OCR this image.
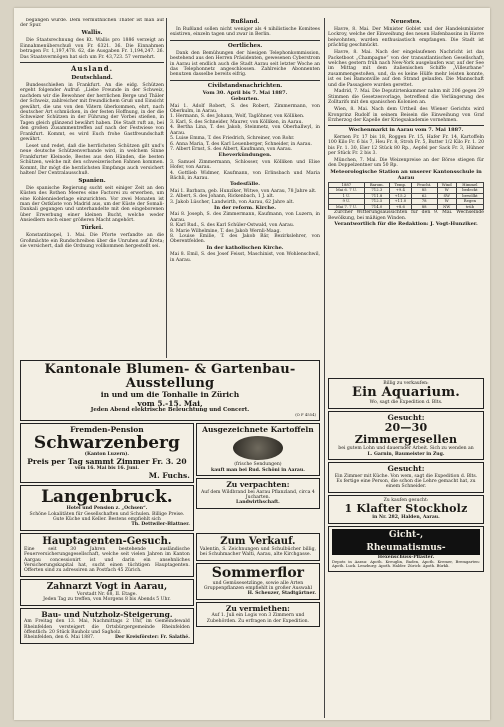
begangen wurde. Dem vermuthlichen Thäter ist man auf der Spur.

Wallis.

Die Staatsrechnung des Kt. Wallis pro 1886 verzeigt an Einnahmenüberschuß von Fr. 6321. 36. Die Einnahmen betragen Fr. 1,197,478. 62, die Ausgaben Fr. 1,194,247. 26. Das Staatsvermögen hat sich um Fr. 43,723. 57 vermehrt.

Ausland.
Deutschland.

Bundesschießen in Frankfurt. An die eidg. Schützen ergeht folgender Aufruf: „Liebe Freunde in der Schweiz, nachdem wir die Bewohner der herrlichen Berge und Thäler der Schweiz, zahlreicher mit freundlichem Gruß und Einsicht gewährt, die uns von den Vätern überkommen, ehrt, nach deutscher Art schmücken, in der festen Hoffnung, in der die Schweizer Schützen in der Führung der Vorbei stießen, in Tagen gleich glänzend bewährt haben. Die Stadt ruft an, bei den großen Zusammentreffen auf nach der Festwiese von Frankfurt. Kommt, es wird Euch frohe Gastfreundschaft gewährt.

Leset und redet, daß die herrlichsten Schützen gilt und's neue deutsche Schützenverbande wird, in welchem Sinne Frankfurter Kleinode, Bestes aus den Händen, die besten Schützen, welche mit den schweizerischen Fahnen kommen. Kommt, Ihr mögt die herzlichsten Empfangs auch versichert halten! Der Centralausschuß.

Spanien.

Die spanische Regierung sucht seit einiger Zeit an den Küsten des Rothen Meeres eine Factorei zu erwerben, um eine Kohlenniederlage einzurichten. Vor zwei Monaten ist man der Ostküste von Madrid aus, um der Küste der Somali-Dankali gegangen und unterhandelte mit den eingeborenen über Erwerbung einer kleinen Bucht, welche weder Ansiedlern noch einer größeren Macht angehört.

Türkei.

Konstantinopel, 1. Mai. Die Pforte verfandte an die Großmächte ein Rundschreiben über die Unruhen auf Kreta; sie versichert, daß die Ordnung vollkommen hergestellt sei.

Rußland.

In Rußland sollen nicht weniger als 4 nihilistische Komitees existiren, einzeln tagen und zwar in Berlin.

Oertliches.

Dank den Bemühungen der hiesigen Telephonkommission, bestehend aus den Herren Präsidenten, gewesenen Cyberstrom in Aarau ist endlich auch die Stadt Aarau seit letzter Woche an das Telephonnetz angeschlossen. Zahlreiche Abonnenten benutzen dasselbe bereits eifrig.

Civilstandsnachrichten.
Vom 30. April bis 7. Mai 1887.
Geburten.
Mai 1. Adolf Robert, S. des Robert, Zimmermann, von Oberkulm, in Aarau.
1. Hermann, S. des Johann, Wolf, Taglöhner, von Kölliken.
3. Karl, S. des Schneider, Maurer, von Kölliken, in Aarau.
4. Bertha Lina, T. des Jakob, Steinmetz, von Oberhallwyl, in Aarau.
5. Luise Emma, T. des Friedrich, Schreiner, von Rohr.
6. Anna Maria, T. des Karl Leuenberger, Schneider, in Aarau.
7. Albert Ernst, S. des Albert, Kaufmann, von Aarau.
Eheverkündungen.
3. Samuel Zimmermann, Schlosser, von Kölliken und Elise Hofer, von Aarau.
4. Gottlieb Widmer, Kaufmann, von Erlinsbach und Maria Bächli, in Aarau.
Todesfälle.
Mai 1. Barbara, geb. Hunziker, Witwe, von Aarau, 78 Jahre alt.
2. Albert, S. des Johann, Rickenbach, 1 J. alt.
3. Jakob Lüscher, Landwirth, von Aarau, 62 Jahre alt.
In der reform. Kirche.
Mai 8. Joseph, S. des Zimmermann, Kaufmann, von Luzern, in Aarau.
8. Karl Rud., S. des Karl Schüler-Ostwald, von Aarau.
8. Marie Wilhelmine, T. des Jakob Wernli-Maag.
8. Louise Emilie, T. des Jakob Bär, Bezirkslehrer, von Oberentfelden.
In der katholischen Kirche.
Mai 8. Emil, S. des Josef Feisst, Maschinist, von Wohlenschwil, in Aarau.
Neuestes.

Havre, 8. Mai. Der Minister Goblet und der Handelsminister Lockroy, welche der Einweihung des neuen Hafenbassins in Havre beiwohnten, wurden enthusiastisch empfangen. Die Stadt ist prächtig geschmückt.

Havre, 8. Mai. Nach der eingelaufenen Nachricht ist das Packetboot „Champagne“ von der transatlantischen Gesellschaft, welches gestern früh nach New-York ausgelaufen war, auf der See im Mittag mit dem italienischen Schiffe „Villeurbane“ zusammengestoßen, und, da es keine Hülfe mehr leisten konnte, ist es bei Bamonville auf den Strand gelaufen. Die Mannschaft und die Passagiere wurden gerettet.

Madrid, 7. Mai. Die Deputirtenkammer nahm mit 206 gegen 29 Stimmen die Gesetzesvorlage, betreffend die Verlängerung des Zolltarifs mit den spanischen Kolonien an.

Wien, 8. Mai. Nach dem Urtheil des Wiener Gerichts wird Kronprinz Rudolf in seinem Beisein die Einweihung von Graf Erzherzog der Kapelle der Kriegsakademie vornehmen.

Wochenmarkt in Aarau vom 7. Mai 1887.

Kernen Fr. 17 bis 18, Roggen Fr. 15, Hafer Fr. 14, Kartoffeln 100 Kilo Fr. 6 bis 7, Heu Fr. 8, Stroh Fr. 5, Butter 1/2 Kilo Fr. 1. 20 bis Fr. 1. 30, Eier 12 Stück 80 Rp., Aepfel per Sack Fr. 3, Hühner per Stück Fr. 2 bis 3.

München, 7. Mai. Die Weizenpreise an der Börse stiegen für den Doppelzentner um 50 Rp.

Meteorologische Station an unserer Kantonsschule in Aarau
1887	Barom.	Temp.	Feucht.	Wind	Himmel
Mai 6. 7 U.	712.3	+9.4	85	W	bedeckt
1 U.	711.8	+15.2	62	SW	bewölkt
9 U.	712.5	+11.0	78	W	Regen
Mai 7. 7 U.	714.0	+8.6	88	NW	trüb

Zürcher Witterungsaussichten für den 9. Mai. Wechselnde Bewölkung, bei mäßigen Winden.

Verantwortlich für die Redaktion: J. Vogt-Hunziker.
Kantonale Blumen- & Gartenbau-Ausstellung
in und um die Tonhalle in Zürich
vom 5.-15. Mai,
Jeden Abend elektrische Beleuchtung und Concert.
(O F 4554)
Fremden-Pension
Schwarzenberg
(Kanton Luzern).
Preis per Tag sammt Zimmer Fr. 3. 20
vom 16. Mai bis 16. Juni.
M. Fuchs.
Langenbruck.
Hotel und Pension z. „Ochsen“.
Schöne Lokalitäten für Gesellschaften und Schulen. Billige Preise. Gute Küche und Keller. Bestens empfiehlt sich
Th. Dettwiler-Blattner.
Ausgezeichnete Kartoffeln
(frische Sendungen)
kauft man bei Rud. Schöni in Aarau.
Zu verpachten:
Auf dem Wildbrand bei Aarau Pflanzland, circa 4 Jucharten.
Landwirthschaft.
Hauptagenten-Gesuch.
Eine seit 30 Jahren bestehende ausländische Feuerversicherungsgesellschaft, welche seit vielen Jahren im Kanton Aargau concessionirt ist und darin ein ansehnliches Versicherungskapital hat, sucht einen tüchtigen Hauptagenten. Offerten sind zu adressiren an Postfach 45 Zürich.
Zahnarzt Vogt in Aarau,
Vorstadt Nr. 68, II. Etage.
Jeden Tag zu treffen, von Morgens 8 bis Abends 5 Uhr.
Bau- und Nutzholz-Steigerung.
Am Freitag den 13. Mai, Nachmittags 2 Uhr, im Gemeindewald Rheinfelden versteigert die Ortsbürgergemeinde Rheinfelden öffentlich: 20 Stück Bauholz und Sagholz.
Rheinfelden, den 6. Mai 1887.	Der Kreisförster: Fr. Salathé.
Zum Verkauf.
Valentin, S. Zeichnungen und Schulbücher billig, bei Schuhmacher Walti, Aarau, alte Kirchgasse.
Sommerflor
und Gemüsesetzlinge, sowie alle Arten Gruppenpflanzen empfiehlt in großer Auswahl
H. Scheuzer, Stadtgärtner.
Zu vermiethen:
Auf 1. Juli ein Logis von 3 Zimmern und Zubehörden. Zu erfragen in der Expedition.
Billig zu verkaufen:
Ein Aquarium.
Wo, sagt die Expedition d. Blts.
Gesucht:
20—30 Zimmergesellen
bei gutem Lohn und dauernder Arbeit. Sich zu wenden an
L. Garnin, Baumeister in Zug.
Gesucht:
Ein Zimmer mit Küche. Von wem, sagt die Expedition d. Blts.
Es fertige eine Person, die schon die Lehre gemacht hat, zu einem Schneider.
Zu kaufen gesucht:
1 Klafter Stockholz
in Nr. 282, Halden, Aarau.
Gicht-,
Rheumatismus-
Hexenschuss-Pflaster.
Depots in Aarau: Apoth. Kreuglin, Baden, Apoth. Kremer, Bremgarten: Apoth. Luck. Lenzburg: Apoth. Halder. Zürich: Apoth. Bürkli.
